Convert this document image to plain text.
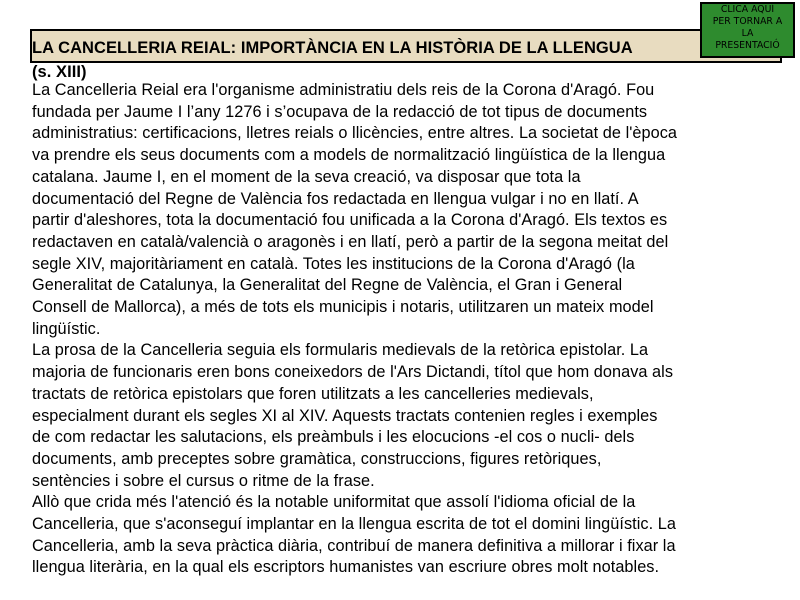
LA CANCELLERIA REIAL: IMPORTÀNCIA EN LA HISTÒRIA DE LA LLENGUA
(s. XIII)
CLICA AQUÍ
PER TORNAR A
LA
PRESENTACIÓ
La Cancelleria Reial era l'organisme administratiu dels reis de la Corona d'Aragó. Fou
fundada per Jaume I l’any 1276 i s’ocupava de la redacció de tot tipus de documents
administratius: certificacions, lletres reials o llicències, entre altres. La societat de l'època
va prendre els seus documents com a models de normalització lingüística de la llengua
catalana. Jaume I, en el moment de la seva creació, va disposar que tota la
documentació del Regne de València fos redactada en llengua vulgar i no en llatí. A
partir d'aleshores, tota la documentació fou unificada a la Corona d'Aragó. Els textos es
redactaven en català/valencià o aragonès i en llatí, però a partir de la segona meitat del
segle XIV, majoritàriament en català. Totes les institucions de la Corona d'Aragó (la
Generalitat de Catalunya, la Generalitat del Regne de València, el Gran i General
Consell de Mallorca), a més de tots els municipis i notaris, utilitzaren un mateix model
lingüístic.
La prosa de la Cancelleria seguia els formularis medievals de la retòrica epistolar. La
majoria de funcionaris eren bons coneixedors de l'Ars Dictandi, títol que hom donava als
tractats de retòrica epistolars que foren utilitzats a les cancelleries medievals,
especialment durant els segles XI al XIV. Aquests tractats contenien regles i exemples
de com redactar les salutacions, els preàmbuls i les elocucions -el cos o nucli- dels
documents, amb preceptes sobre gramàtica, construccions, figures retòriques,
sentències i sobre el cursus o ritme de la frase.
Allò que crida més l'atenció és la notable uniformitat que assolí l'idioma oficial de la
Cancelleria, que s'aconseguí implantar en la llengua escrita de tot el domini lingüístic. La
Cancelleria, amb la seva pràctica diària, contribuí de manera definitiva a millorar i fixar la
llengua literària, en la qual els escriptors humanistes van escriure obres molt notables.
